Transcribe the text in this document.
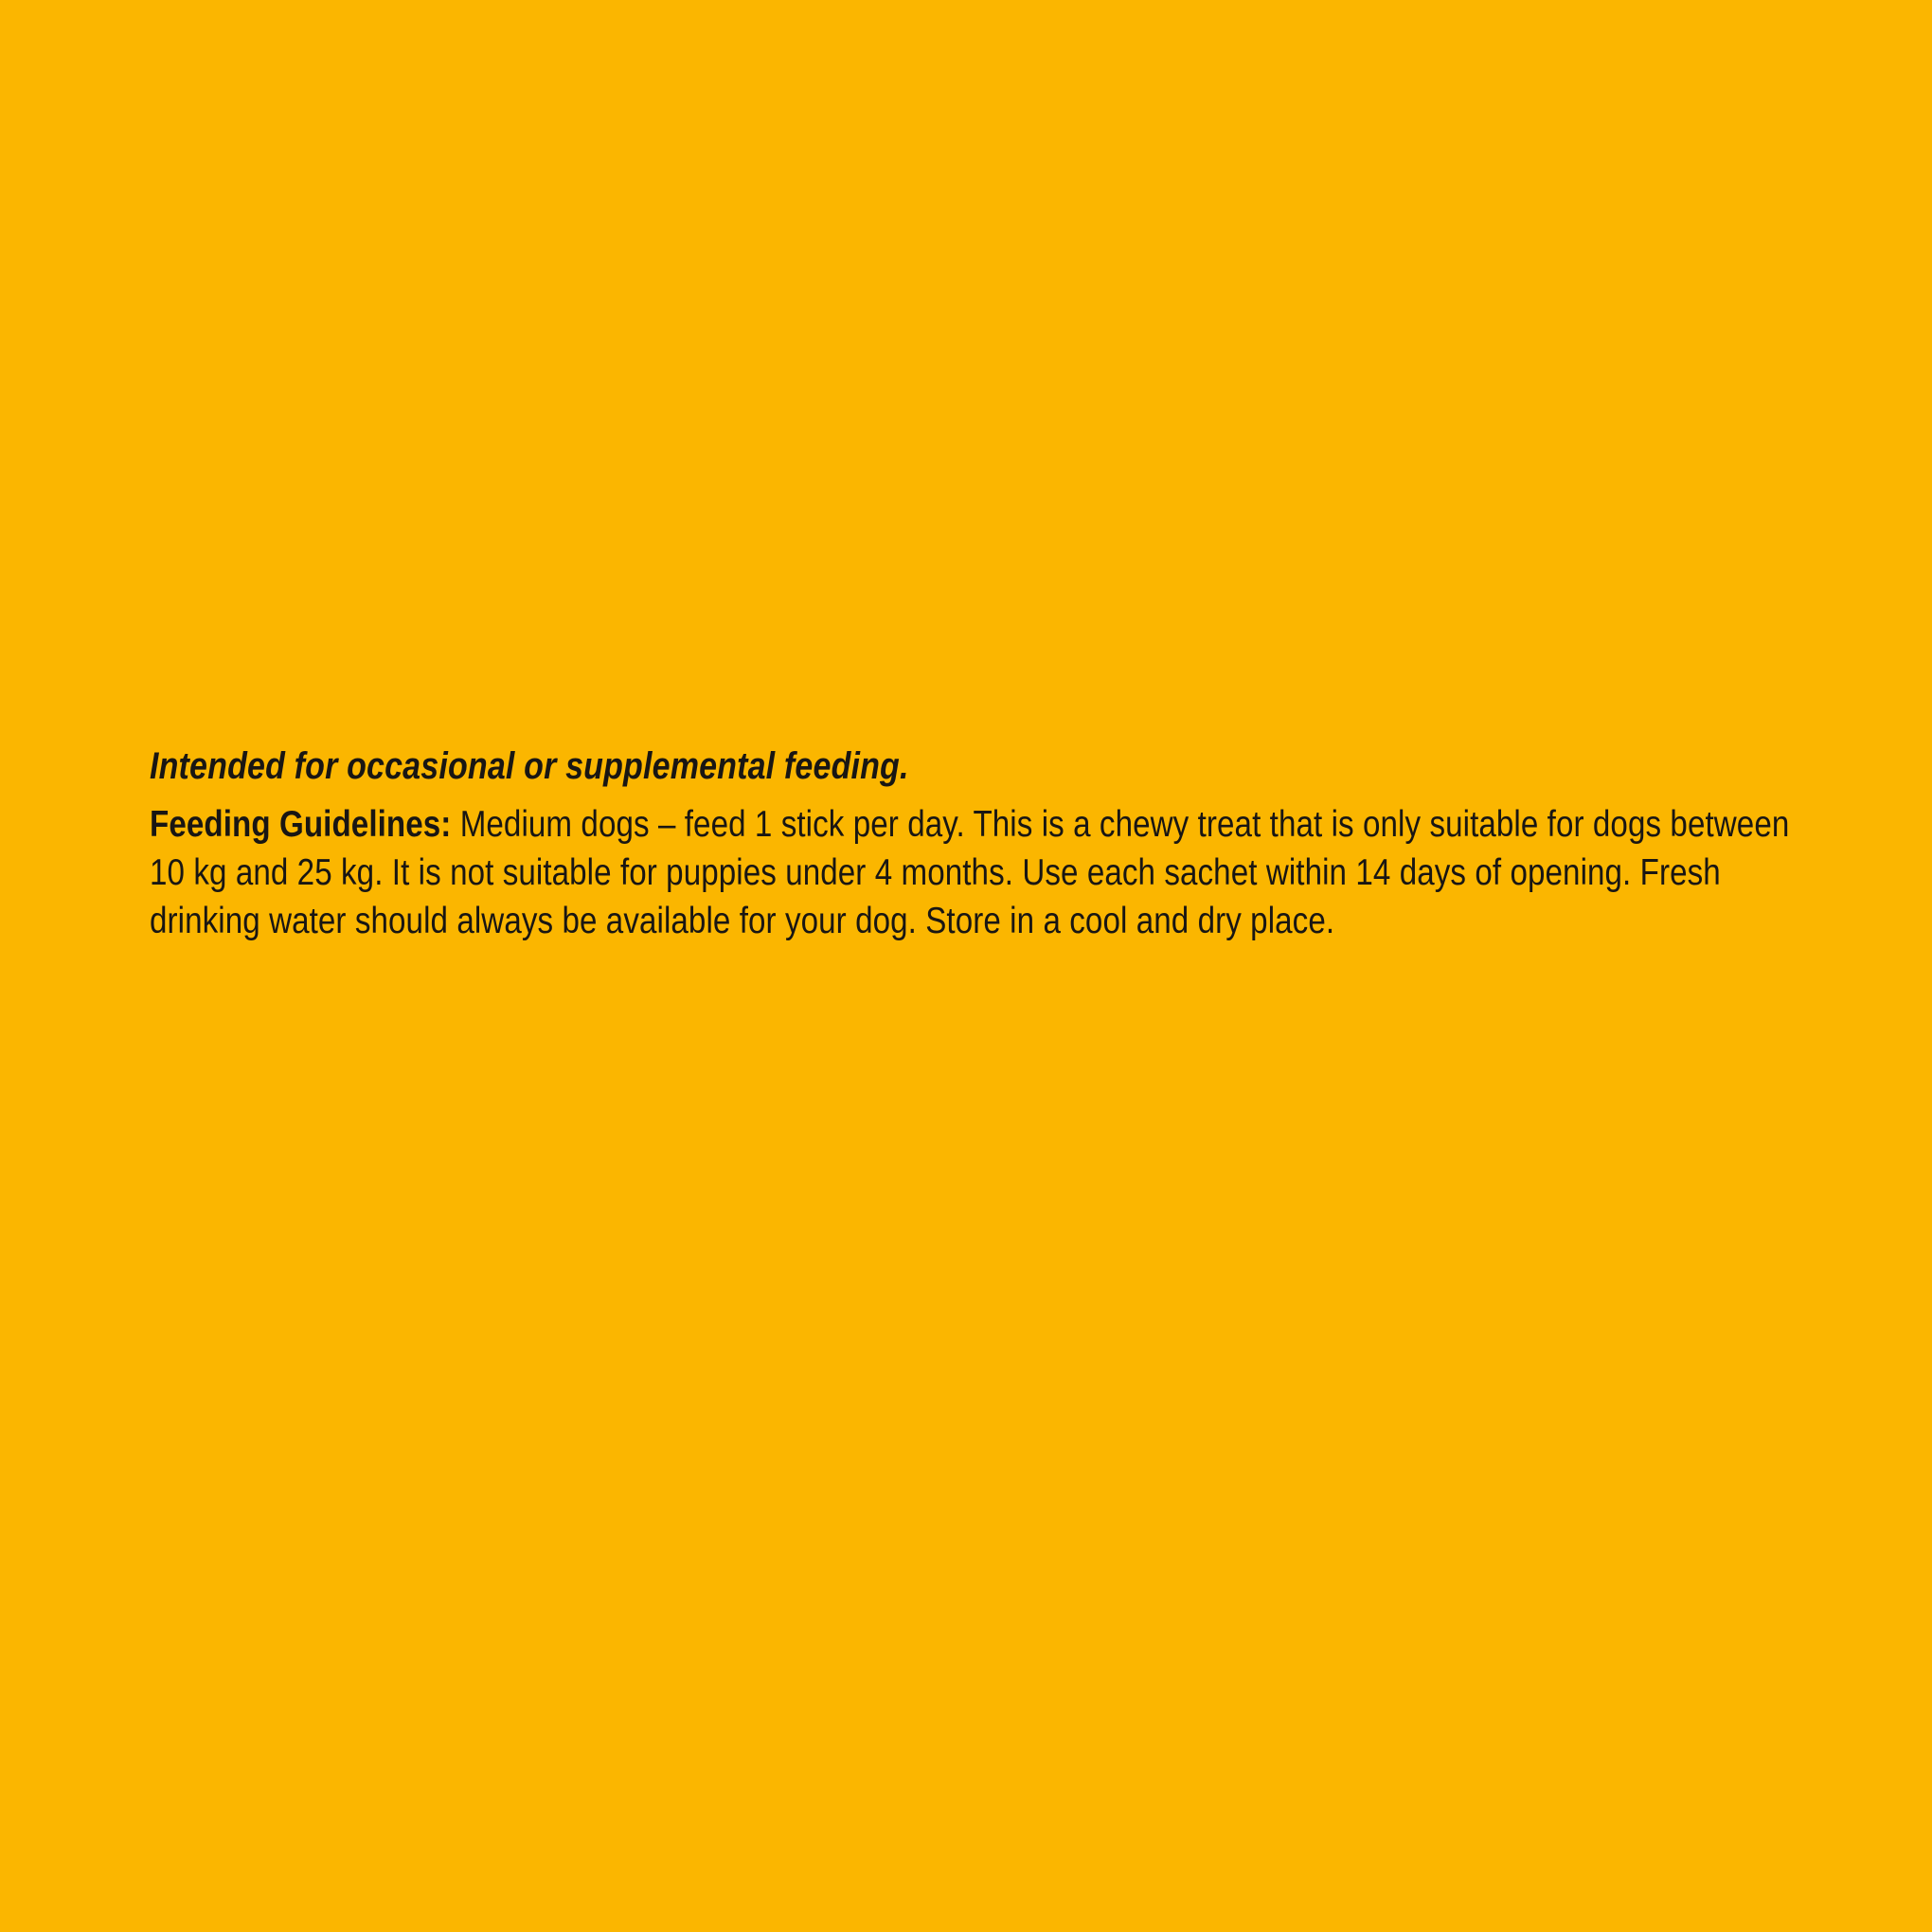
Intended for occasional or supplemental feeding.

Feeding Guidelines: Medium dogs – feed 1 stick per day. This is a chewy treat that is only suitable for dogs between 10 kg and 25 kg. It is not suitable for puppies under 4 months. Use each sachet within 14 days of opening. Fresh drinking water should always be available for your dog. Store in a cool and dry place.
